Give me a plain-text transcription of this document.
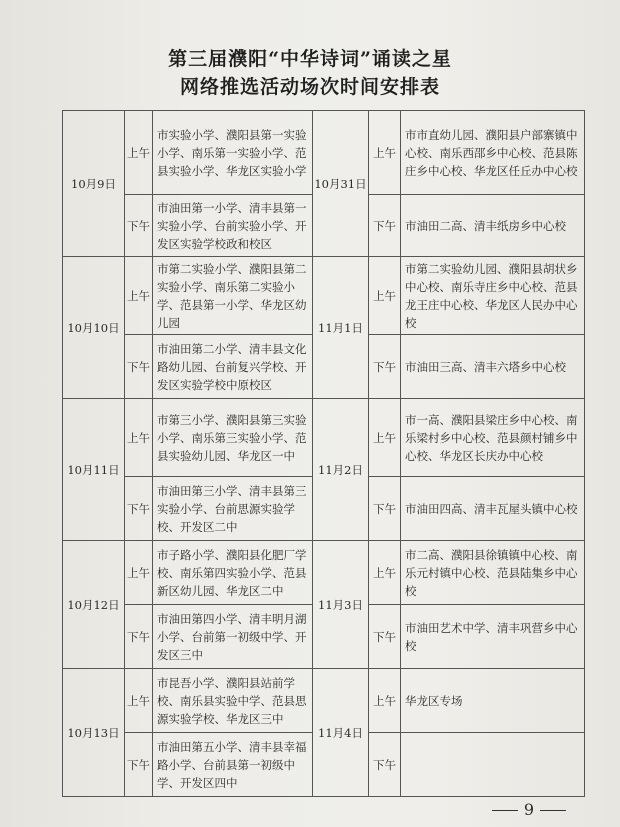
第三届濮阳“中华诗词”诵读之星
网络推选活动场次时间安排表
10月9日	上午	市实验小学、濮阳县第一实验小学、南乐第一实验小学、范县实验小学、华龙区实验小学	10月31日	上午	市市直幼儿园、濮阳县户部寨镇中心校、南乐西邵乡中心校、范县陈庄乡中心校、华龙区任丘办中心校
	下午	市油田第一小学、清丰县第一实验小学、台前实验小学、开发区实验学校政和校区		下午	市油田二高、清丰纸房乡中心校
10月10日	上午	市第二实验小学、濮阳县第二实验小学、南乐第二实验小学、范县第一小学、华龙区幼儿园	11月1日	上午	市第二实验幼儿园、濮阳县胡状乡中心校、南乐寺庄乡中心校、范县龙王庄中心校、华龙区人民办中心校
	下午	市油田第二小学、清丰县文化路幼儿园、台前复兴学校、开发区实验学校中原校区		下午	市油田三高、清丰六塔乡中心校
10月11日	上午	市第三小学、濮阳县第三实验小学、南乐第三实验小学、范县实验幼儿园、华龙区一中	11月2日	上午	市一高、濮阳县梁庄乡中心校、南乐梁村乡中心校、范县颜村铺乡中心校、华龙区长庆办中心校
	下午	市油田第三小学、清丰县第三实验小学、台前思源实验学校、开发区二中		下午	市油田四高、清丰瓦屋头镇中心校
10月12日	上午	市子路小学、濮阳县化肥厂学校、南乐第四实验小学、范县新区幼儿园、华龙区二中	11月3日	上午	市二高、濮阳县徐镇镇中心校、南乐元村镇中心校、范县陆集乡中心校
	下午	市油田第四小学、清丰明月湖小学、台前第一初级中学、开发区三中		下午	市油田艺术中学、清丰巩营乡中心校
10月13日	上午	市昆吾小学、濮阳县站前学校、南乐县实验中学、范县思源实验学校、华龙区三中	11月4日	上午	华龙区专场
	下午	市油田第五小学、清丰县幸福路小学、台前县第一初级中学、开发区四中		下午	
9
